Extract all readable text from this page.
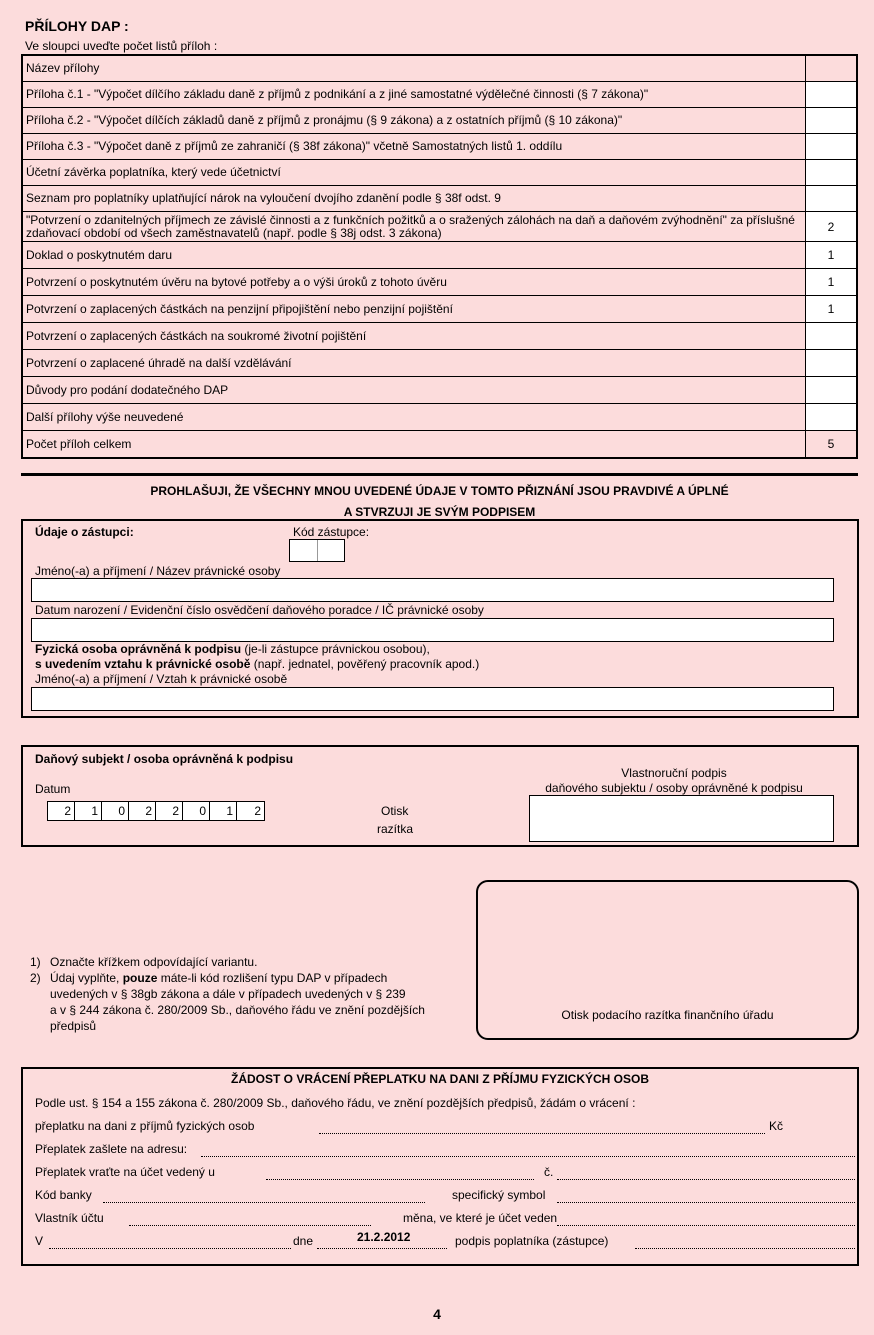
PŘÍLOHY DAP :
Ve sloupci uveďte počet listů příloh :
Název přílohy
Příloha č.1 - "Výpočet dílčího základu daně z příjmů z podnikání a z jiné samostatné výdělečné činnosti (§ 7 zákona)"
Příloha č.2 - "Výpočet dílčích základů daně z příjmů z pronájmu (§ 9 zákona) a z ostatních příjmů (§ 10 zákona)"
Příloha č.3 - "Výpočet daně z příjmů ze zahraničí (§ 38f zákona)" včetně Samostatných listů 1. oddílu
Účetní závěrka poplatníka, který vede účetnictví
Seznam pro poplatníky uplatňující nárok na vyloučení dvojího zdanění podle § 38f odst. 9
"Potvrzení o zdanitelných příjmech ze závislé činnosti a z funkčních požitků a o sražených zálohách na daň a daňovém zvýhodnění" za příslušné zdaňovací období od všech zaměstnavatelů (např. podle § 38j odst. 3 zákona)	2
Doklad o poskytnutém daru	1
Potvrzení o poskytnutém úvěru na bytové potřeby a o výši úroků z tohoto úvěru	1
Potvrzení o zaplacených částkách na penzijní připojištění nebo penzijní pojištění	1
Potvrzení o zaplacených částkách na soukromé životní pojištění
Potvrzení o zaplacené úhradě na další vzdělávání
Důvody pro podání dodatečného DAP
Další přílohy výše neuvedené
Počet příloh celkem	5
PROHLAŠUJI, ŽE VŠECHNY MNOU UVEDENÉ ÚDAJE V TOMTO PŘIZNÁNÍ JSOU PRAVDIVÉ A ÚPLNÉ
A STVRZUJI JE SVÝM PODPISEM
Údaje o zástupci:	Kód zástupce:
Jméno(-a) a příjmení / Název právnické osoby
Datum narození / Evidenční číslo osvědčení daňového poradce / IČ právnické osoby
Fyzická osoba oprávněná k podpisu (je-li zástupce právnickou osobou),
s uvedením vztahu k právnické osobě (např. jednatel, pověřený pracovník apod.)
Jméno(-a) a příjmení / Vztah k právnické osobě
Daňový subjekt / osoba oprávněná k podpisu
Datum
2	1	0	2	2	0	1	2	Otisk
razítka
Vlastnoruční podpis
daňového subjektu / osoby oprávněné k podpisu
1) Označte křížkem odpovídající variantu.
2) Údaj vyplňte, pouze máte-li kód rozlišení typu DAP v případech
uvedených v § 38gb zákona a dále v případech uvedených v § 239
a v § 244 zákona č. 280/2009 Sb., daňového řádu ve znění pozdějších
předpisů
Otisk podacího razítka finančního úřadu
ŽÁDOST O VRÁCENÍ PŘEPLATKU NA DANI Z PŘÍJMU FYZICKÝCH OSOB
Podle ust. § 154 a 155 zákona č. 280/2009 Sb., daňového řádu, ve znění pozdějších předpisů, žádám o vrácení :
přeplatku na dani z příjmů fyzických osob	Kč
Přeplatek zašlete na adresu:
Přeplatek vraťte na účet vedený u	č.
Kód banky	specifický symbol
Vlastník účtu	měna, ve které je účet veden
V	dne	21.2.2012	podpis poplatníka (zástupce)
4
